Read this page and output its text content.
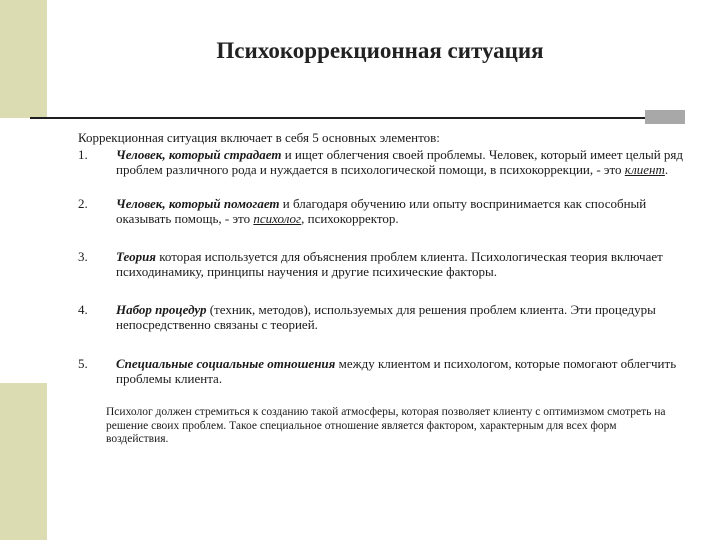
Психокоррекционная ситуация

Коррекционная ситуация включает в себя 5 основных элементов:

1.	Человек, который страдает и ищет облегчения своей проблемы. Человек, который имеет целый ряд проблем различного рода и нуждается в психологической помощи, в психокоррекции, - это клиент.
2.	Человек, который помогает и благодаря обучению или опыту воспринимается как способный оказывать помощь, - это психолог, психокорректор.
3.	Теория которая используется для объяснения проблем клиента. Психологическая теория включает психодинамику, принципы научения и другие психические факторы.
4.	Набор процедур (техник, методов), используемых для решения проблем клиента. Эти процедуры непосредственно связаны с теорией.
5.	Специальные социальные отношения между клиентом и психологом, которые помогают облегчить проблемы клиента.

Психолог должен стремиться к созданию такой атмосферы, которая позволяет клиенту с оптимизмом смотреть на решение своих проблем. Такое специальное отношение является фактором, характерным для всех форм воздействия.
